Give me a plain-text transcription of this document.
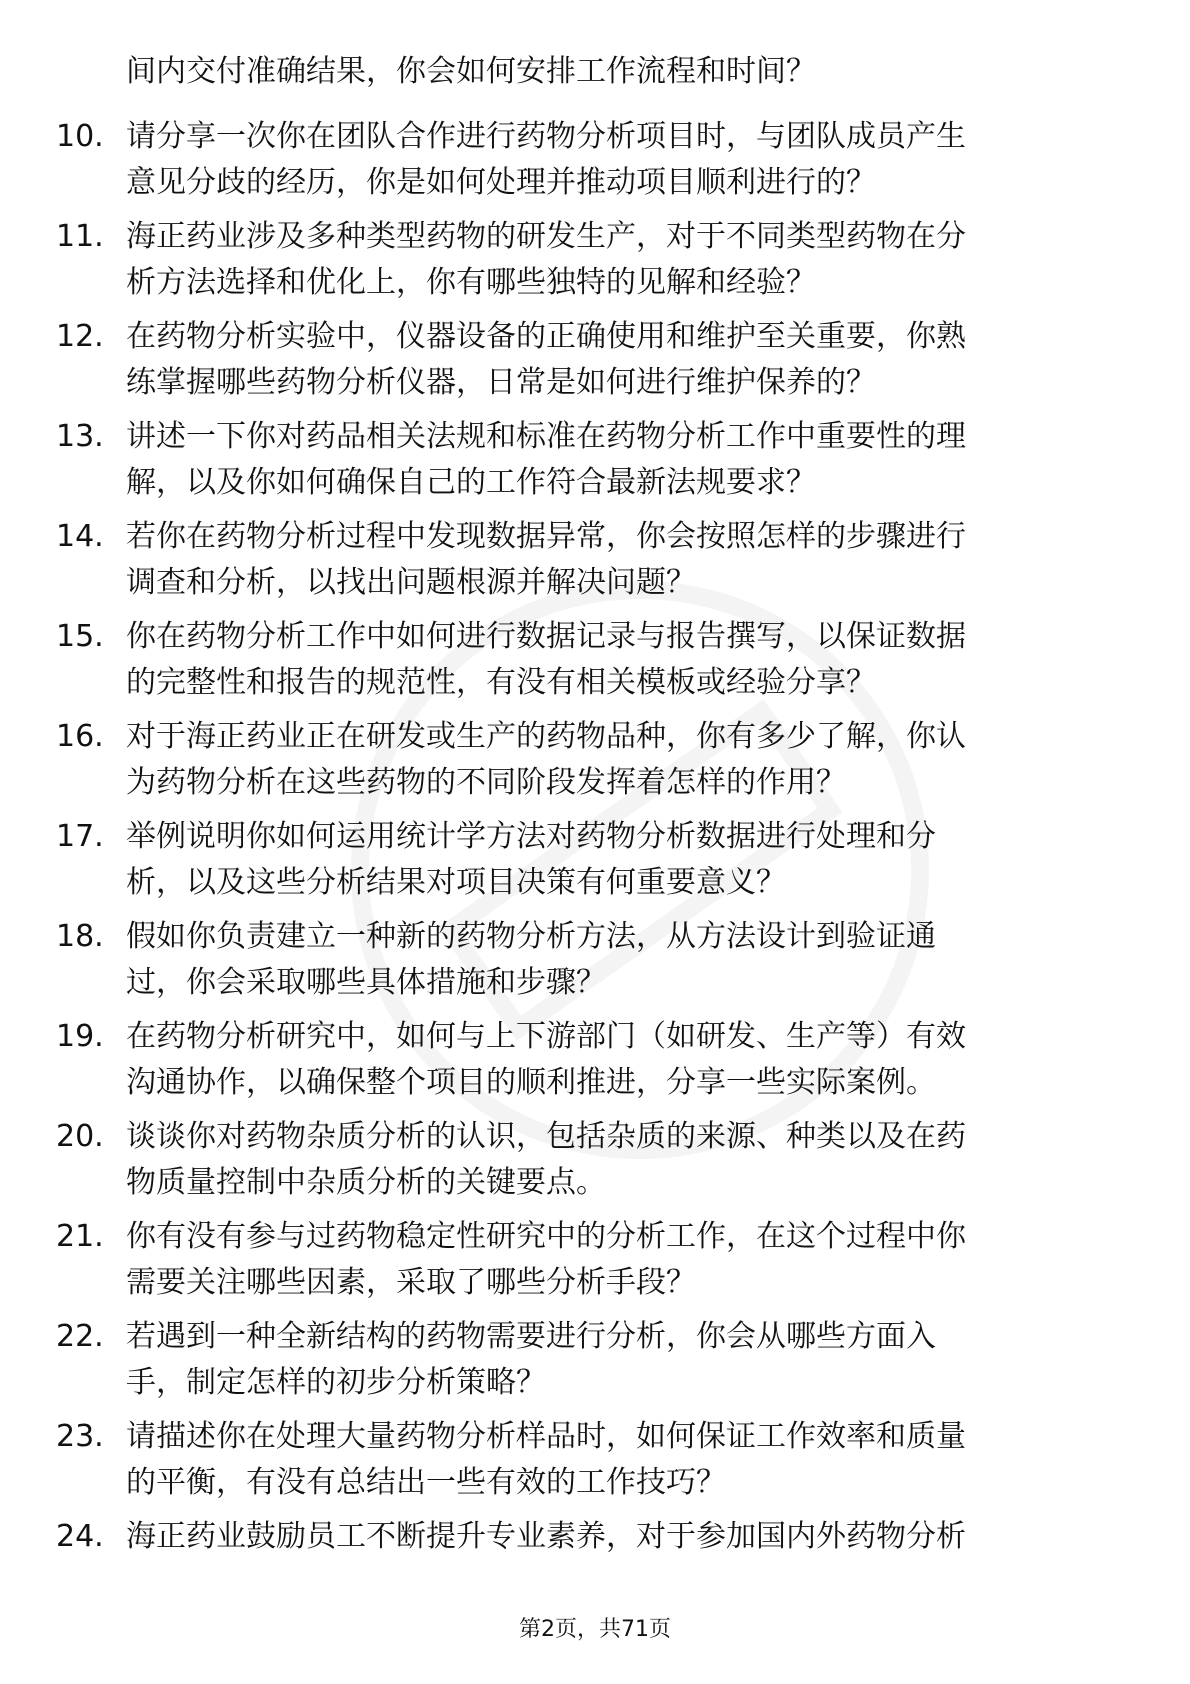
间内交付准确结果，你会如何安排工作流程和时间？
10. 请分享一次你在团队合作进行药物分析项目时，与团队成员产生
意见分歧的经历，你是如何处理并推动项目顺利进行的？
11. 海正药业涉及多种类型药物的研发生产，对于不同类型药物在分
析方法选择和优化上，你有哪些独特的见解和经验？
12. 在药物分析实验中，仪器设备的正确使用和维护至关重要，你熟
练掌握哪些药物分析仪器，日常是如何进行维护保养的？
13. 讲述一下你对药品相关法规和标准在药物分析工作中重要性的理
解，以及你如何确保自己的工作符合最新法规要求？
14. 若你在药物分析过程中发现数据异常，你会按照怎样的步骤进行
调查和分析，以找出问题根源并解决问题？
15. 你在药物分析工作中如何进行数据记录与报告撰写，以保证数据
的完整性和报告的规范性，有没有相关模板或经验分享？
16. 对于海正药业正在研发或生产的药物品种，你有多少了解，你认
为药物分析在这些药物的不同阶段发挥着怎样的作用？
17. 举例说明你如何运用统计学方法对药物分析数据进行处理和分
析，以及这些分析结果对项目决策有何重要意义？
18. 假如你负责建立一种新的药物分析方法，从方法设计到验证通
过，你会采取哪些具体措施和步骤？
19. 在药物分析研究中，如何与上下游部门（如研发、生产等）有效
沟通协作，以确保整个项目的顺利推进，分享一些实际案例。
20. 谈谈你对药物杂质分析的认识，包括杂质的来源、种类以及在药
物质量控制中杂质分析的关键要点。
21. 你有没有参与过药物稳定性研究中的分析工作，在这个过程中你
需要关注哪些因素，采取了哪些分析手段？
22. 若遇到一种全新结构的药物需要进行分析，你会从哪些方面入
手，制定怎样的初步分析策略？
23. 请描述你在处理大量药物分析样品时，如何保证工作效率和质量
的平衡，有没有总结出一些有效的工作技巧？
24. 海正药业鼓励员工不断提升专业素养，对于参加国内外药物分析
第2页，共71页
